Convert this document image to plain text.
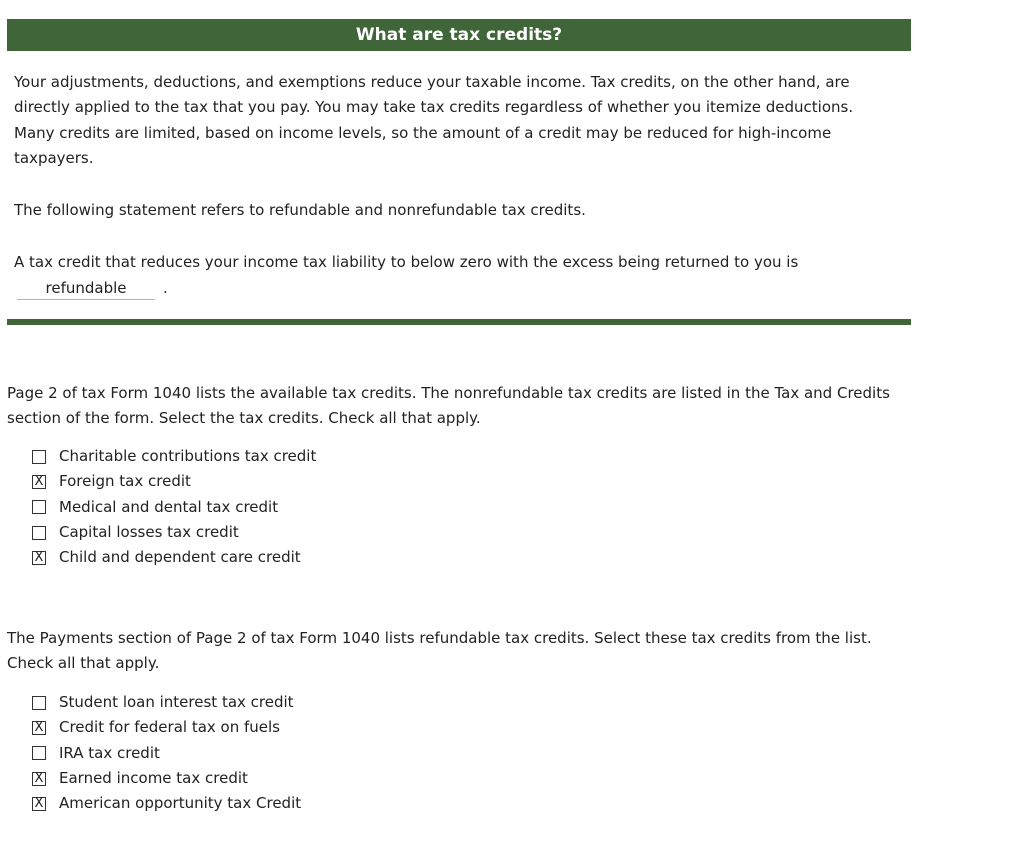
What are tax credits?

Your adjustments, deductions, and exemptions reduce your taxable income. Tax credits, on the other hand, are directly applied to the tax that you pay. You may take tax credits regardless of whether you itemize deductions. Many credits are limited, based on income levels, so the amount of a credit may be reduced for high-income taxpayers.

The following statement refers to refundable and nonrefundable tax credits.

A tax credit that reduces your income tax liability to below zero with the excess being returned to you is

refundable	.

Page 2 of tax Form 1040 lists the available tax credits. The nonrefundable tax credits are listed in the Tax and Credits section of the form. Select the tax credits. Check all that apply.

Charitable contributions tax credit
X Foreign tax credit
Medical and dental tax credit
Capital losses tax credit
X Child and dependent care credit

The Payments section of Page 2 of tax Form 1040 lists refundable tax credits. Select these tax credits from the list. Check all that apply.

Student loan interest tax credit
X Credit for federal tax on fuels
IRA tax credit
X Earned income tax credit
X American opportunity tax Credit
